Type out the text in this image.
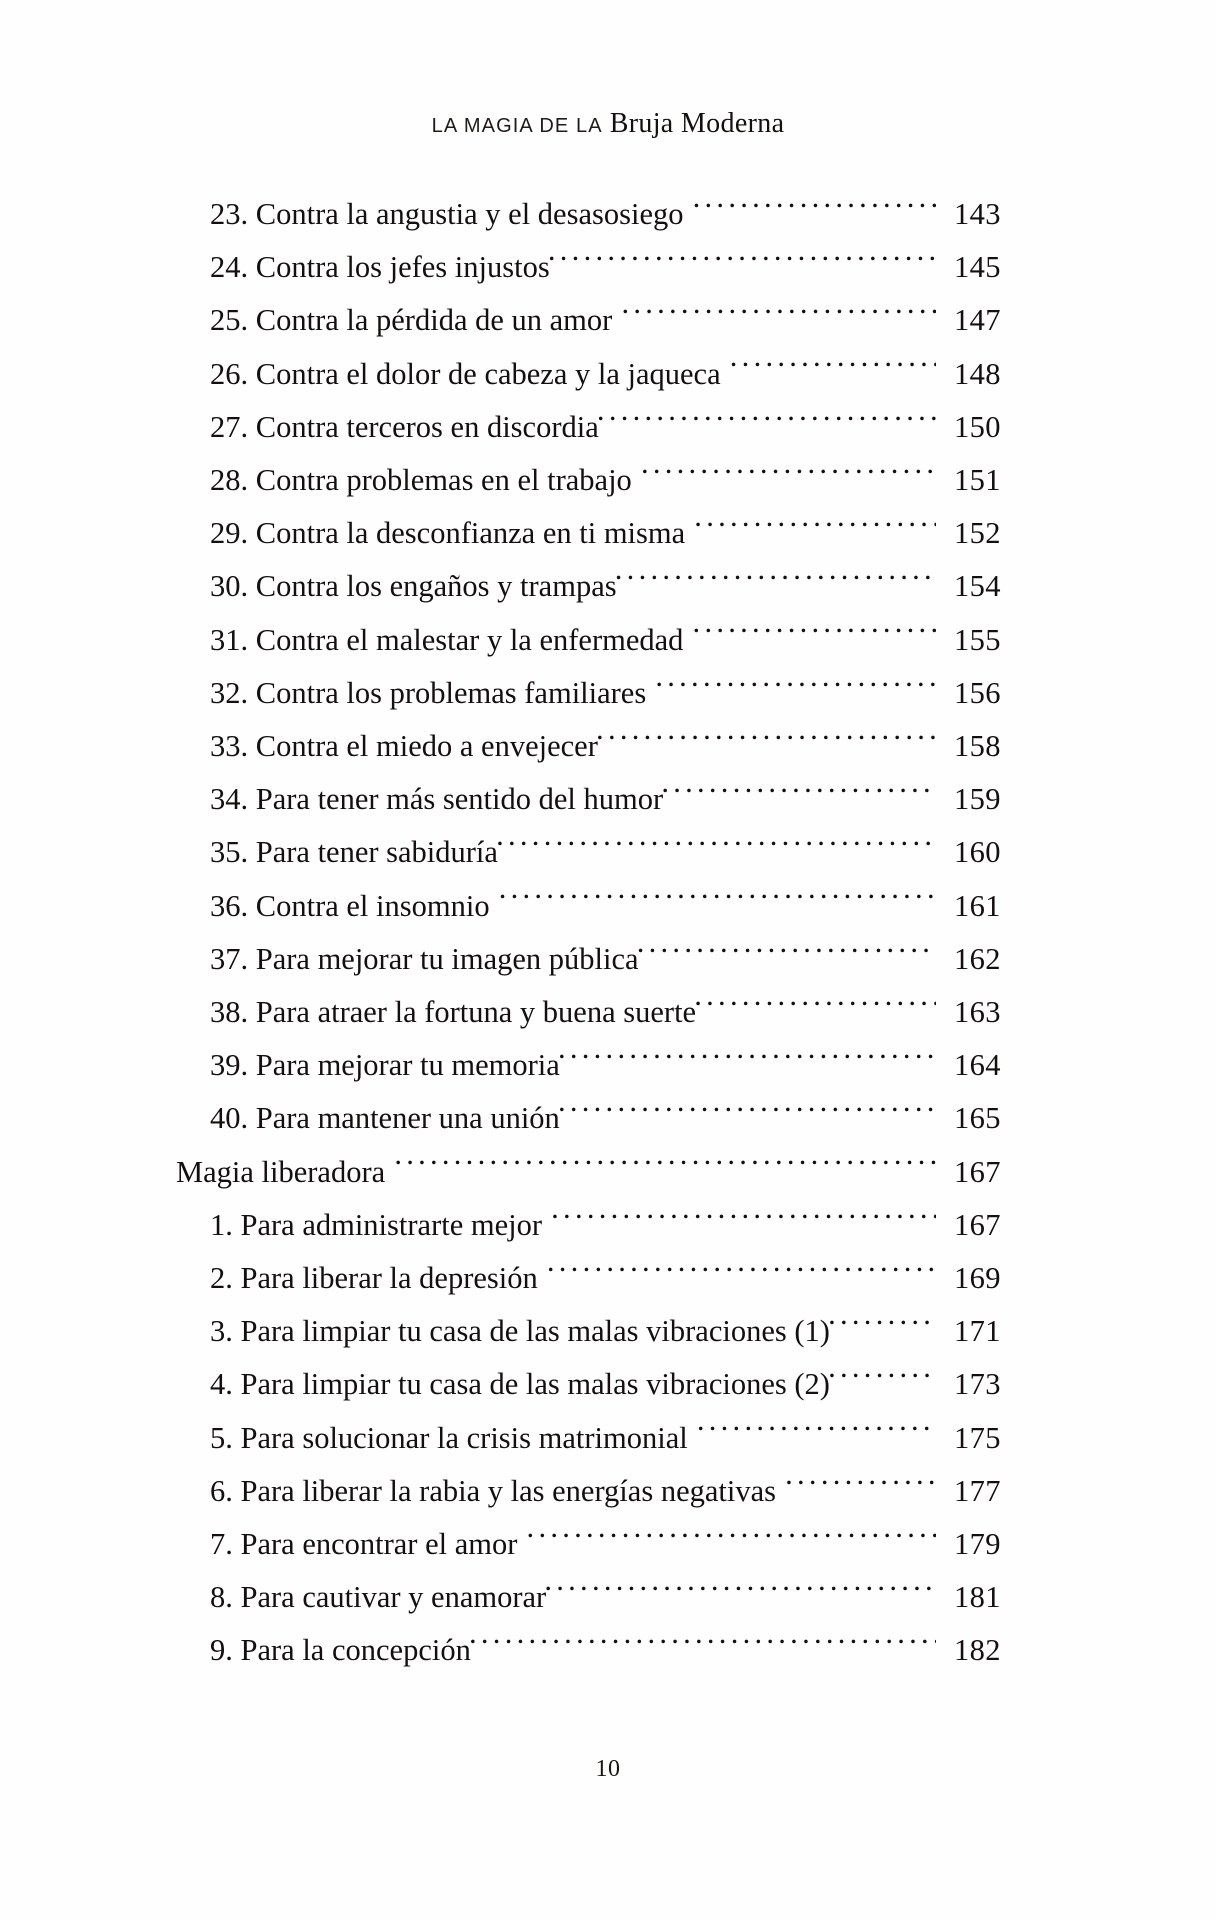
LA MAGIA DE LA Bruja Moderna
23. Contra la angustia y el desasosiego . . .	143
24. Contra los jefes injustos . . .	145
25. Contra la pérdida de un amor . . .	147
26. Contra el dolor de cabeza y la jaqueca . . .	148
27. Contra terceros en discordia . . .	150
28. Contra problemas en el trabajo . . .	151
29. Contra la desconfianza en ti misma . . .	152
30. Contra los engaños y trampas . . .	154
31. Contra el malestar y la enfermedad . . .	155
32. Contra los problemas familiares . . .	156
33. Contra el miedo a envejecer . . .	158
34. Para tener más sentido del humor . . .	159
35. Para tener sabiduría . . .	160
36. Contra el insomnio . . .	161
37. Para mejorar tu imagen pública . . .	162
38. Para atraer la fortuna y buena suerte . . .	163
39. Para mejorar tu memoria . . .	164
40. Para mantener una unión . . .	165
Magia liberadora . . .	167
1. Para administrarte mejor . . .	167
2. Para liberar la depresión . . .	169
3. Para limpiar tu casa de las malas vibraciones (1) . . .	171
4. Para limpiar tu casa de las malas vibraciones (2) . . .	173
5. Para solucionar la crisis matrimonial . . .	175
6. Para liberar la rabia y las energías negativas . . .	177
7. Para encontrar el amor . . .	179
8. Para cautivar y enamorar . . .	181
9. Para la concepción . . .	182
10
